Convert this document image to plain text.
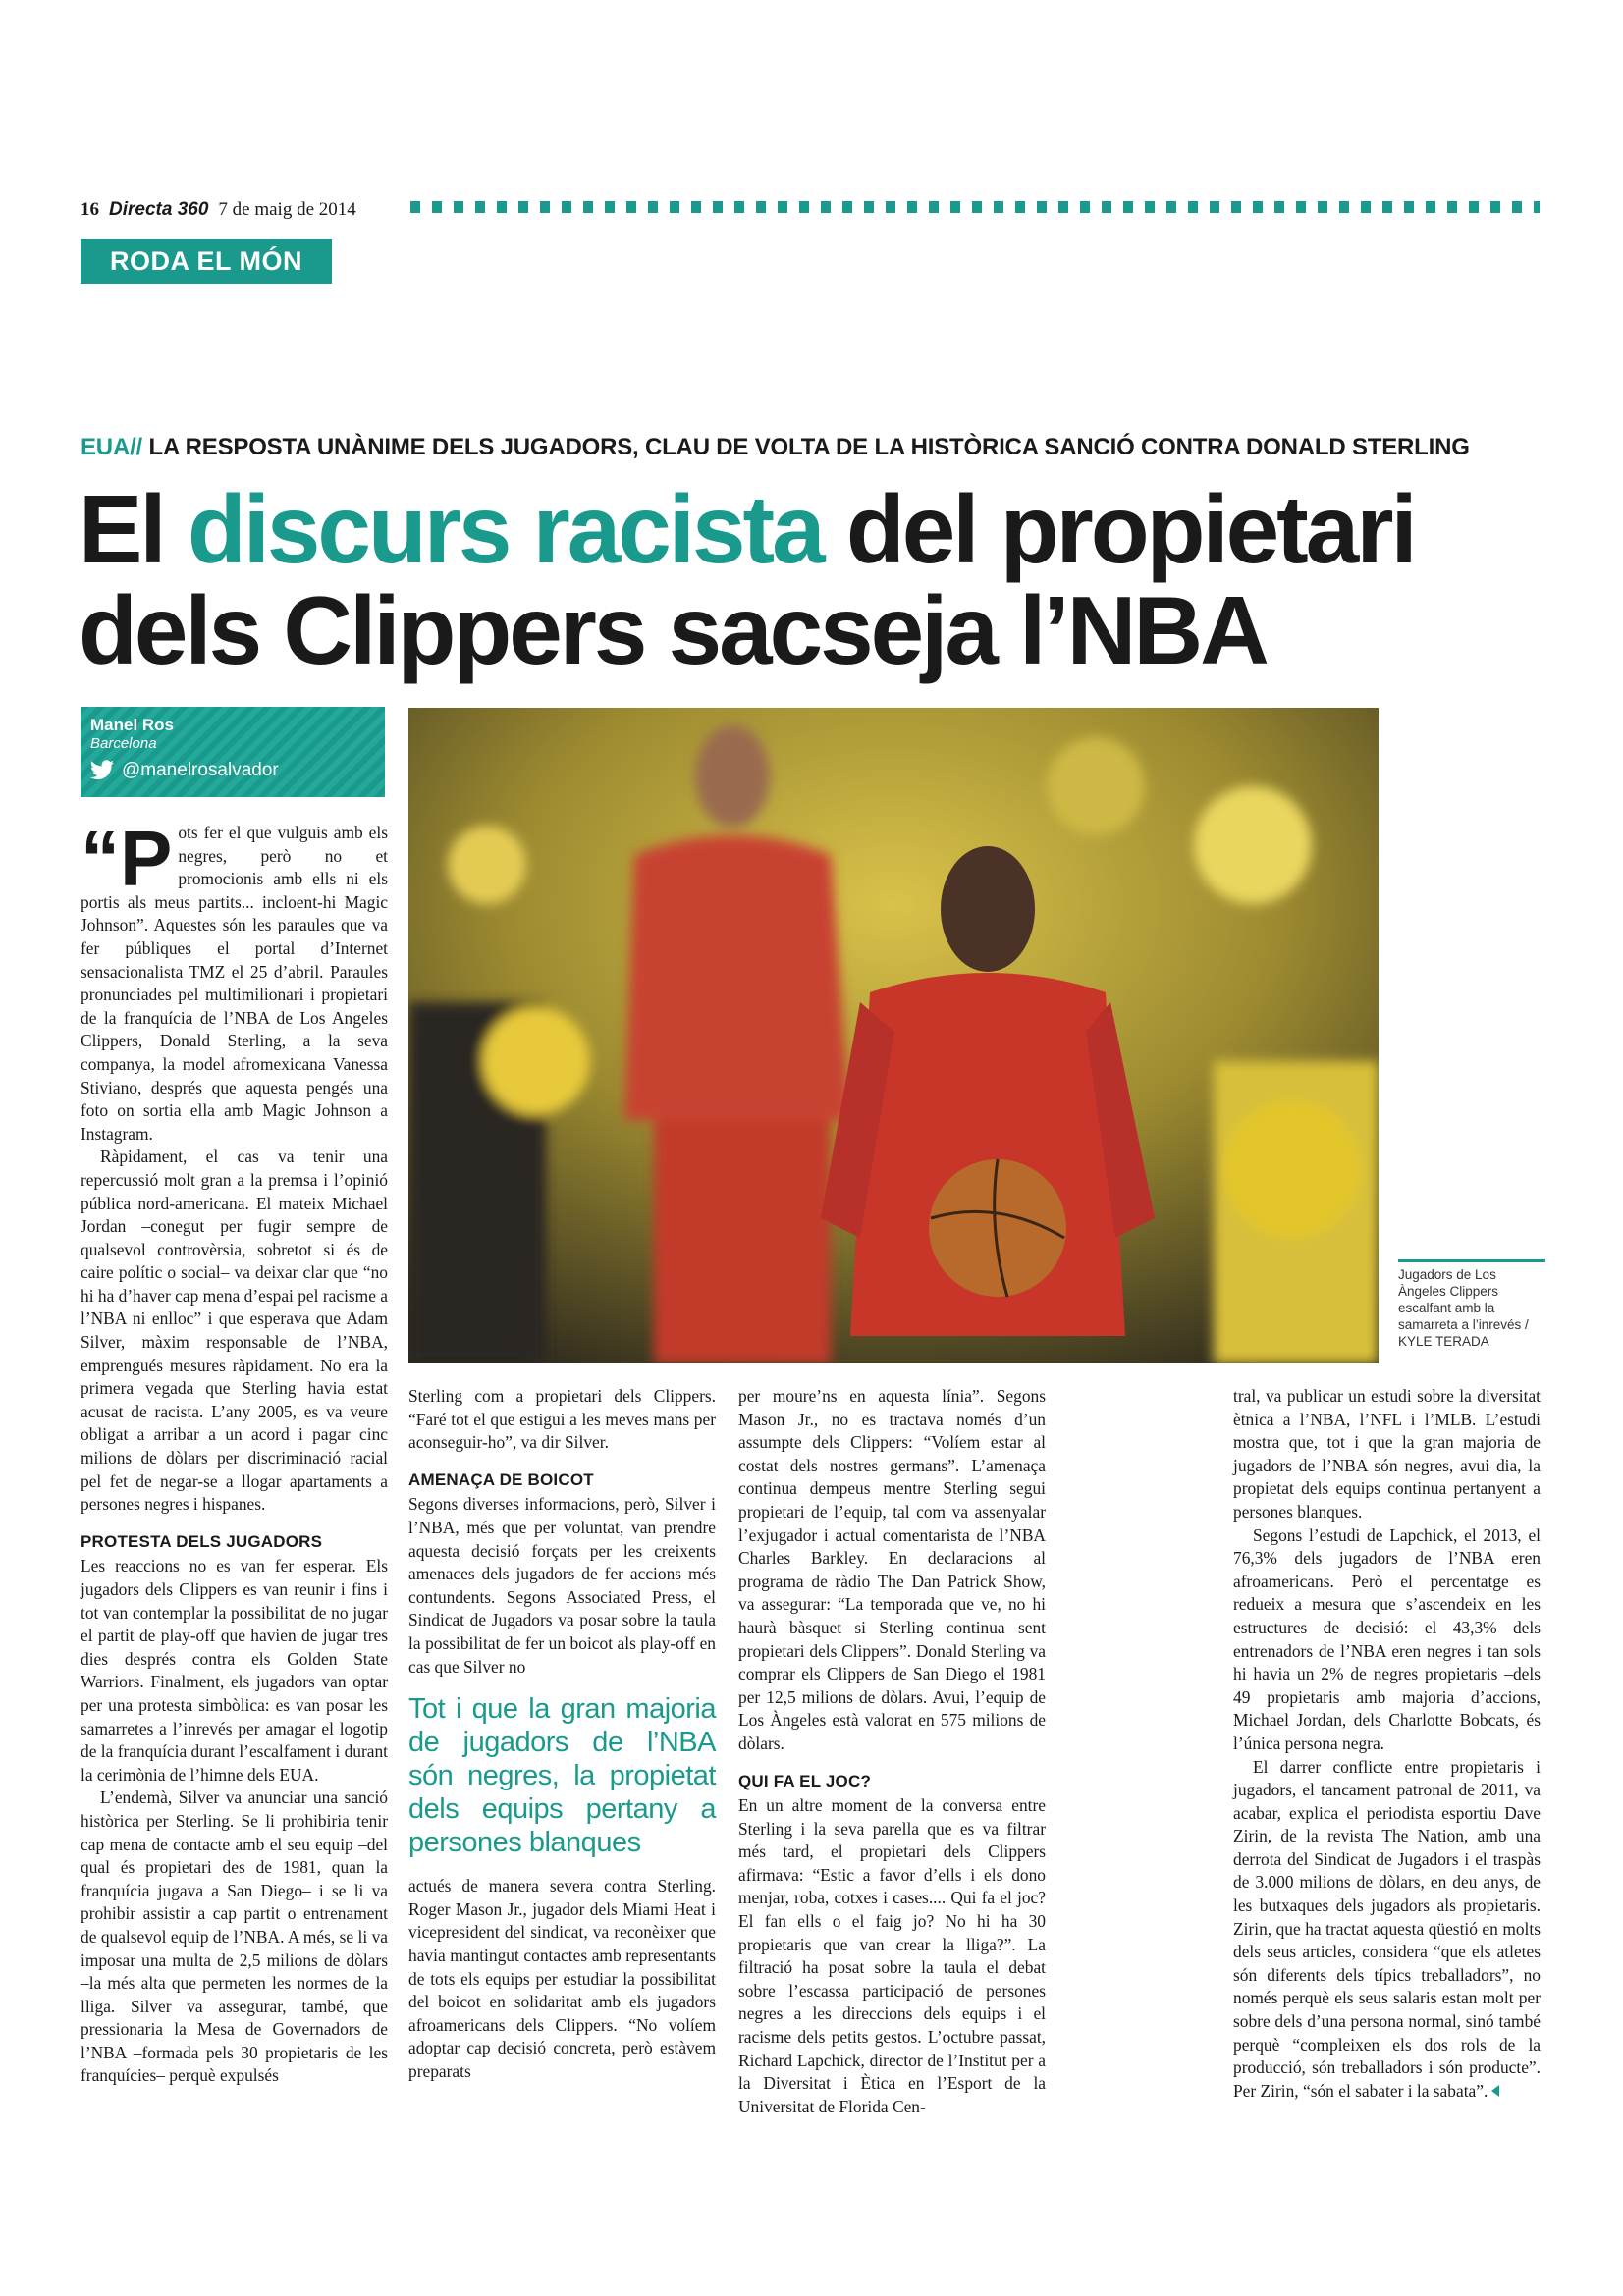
16 Directa 360 7 de maig de 2014
RODA EL MÓN
EUA// LA RESPOSTA UNÀNIME DELS JUGADORS, CLAU DE VOLTA DE LA HISTÒRICA SANCIÓ CONTRA DONALD STERLING
El discurs racista del propietari
dels Clippers sacseja l’NBA
Manel Ros
Barcelona
@manelrosalvador
Jugadors de Los Àngeles Clippers escalfant amb la samarreta a l’inrevés / KYLE TERADA

“P ots fer el que vulguis amb els negres, però no et promocionis amb ells ni els portis als meus partits... incloent-hi Magic Johnson”. Aquestes són les paraules que va fer públiques el portal d’Internet sensacionalista TMZ el 25 d’abril. Paraules pronunciades pel multimilionari i propietari de la franquícia de l’NBA de Los Angeles Clippers, Donald Sterling, a la seva companya, la model afromexicana Vanessa Stiviano, després que aquesta pengés una foto on sortia ella amb Magic Johnson a Instagram.

Ràpidament, el cas va tenir una repercussió molt gran a la premsa i l’opinió pública nord-americana. El mateix Michael Jordan –conegut per fugir sempre de qualsevol controvèrsia, sobretot si és de caire polític o social– va deixar clar que “no hi ha d’haver cap mena d’espai pel racisme a l’NBA ni enlloc” i que esperava que Adam Silver, màxim responsable de l’NBA, emprengués mesures ràpidament. No era la primera vegada que Sterling havia estat acusat de racista. L’any 2005, es va veure obligat a arribar a un acord i pagar cinc milions de dòlars per discriminació racial pel fet de negar-se a llogar apartaments a persones negres i hispanes.

PROTESTA DELS JUGADORS

Les reaccions no es van fer esperar. Els jugadors dels Clippers es van reunir i fins i tot van contemplar la possibilitat de no jugar el partit de play-off que havien de jugar tres dies després contra els Golden State Warriors. Finalment, els jugadors van optar per una protesta simbòlica: es van posar les samarretes a l’inrevés per amagar el logotip de la franquícia durant l’escalfament i durant la cerimònia de l’himne dels EUA.

L’endemà, Silver va anunciar una sanció històrica per Sterling. Se li prohibiria tenir cap mena de contacte amb el seu equip –del qual és propietari des de 1981, quan la franquícia jugava a San Diego– i se li va prohibir assistir a cap partit o entrenament de qualsevol equip de l’NBA. A més, se li va imposar una multa de 2,5 milions de dòlars –la més alta que permeten les normes de la lliga. Silver va assegurar, també, que pressionaria la Mesa de Governadors de l’NBA –formada pels 30 propietaris de les franquícies– perquè expulsés

Sterling com a propietari dels Clippers. “Faré tot el que estigui a les meves mans per aconseguir-ho”, va dir Silver.

AMENAÇA DE BOICOT

Segons diverses informacions, però, Silver i l’NBA, més que per voluntat, van prendre aquesta decisió forçats per les creixents amenaces dels jugadors de fer accions més contundents. Segons Associated Press, el Sindicat de Jugadors va posar sobre la taula la possibilitat de fer un boicot als play-off en cas que Silver no

Tot i que la gran majoria de jugadors de l’NBA són negres, la propietat dels equips pertany a persones blanques

actués de manera severa contra Sterling. Roger Mason Jr., jugador dels Miami Heat i vicepresident del sindicat, va reconèixer que havia mantingut contactes amb representants de tots els equips per estudiar la possibilitat del boicot en solidaritat amb els jugadors afroamericans dels Clippers. “No volíem adoptar cap decisió concreta, però estàvem preparats

per moure’ns en aquesta línia”. Segons Mason Jr., no es tractava només d’un assumpte dels Clippers: “Volíem estar al costat dels nostres germans”. L’amenaça continua dempeus mentre Sterling segui propietari de l’equip, tal com va assenyalar l’exjugador i actual comentarista de l’NBA Charles Barkley. En declaracions al programa de ràdio The Dan Patrick Show, va assegurar: “La temporada que ve, no hi haurà bàsquet si Sterling continua sent propietari dels Clippers”. Donald Sterling va comprar els Clippers de San Diego el 1981 per 12,5 milions de dòlars. Avui, l’equip de Los Àngeles està valorat en 575 milions de dòlars.

QUI FA EL JOC?

En un altre moment de la conversa entre Sterling i la seva parella que es va filtrar més tard, el propietari dels Clippers afirmava: “Estic a favor d’ells i els dono menjar, roba, cotxes i cases.... Qui fa el joc? El fan ells o el faig jo? No hi ha 30 propietaris que van crear la lliga?”. La filtració ha posat sobre la taula el debat sobre l’escassa participació de persones negres a les direccions dels equips i el racisme dels petits gestos. L’octubre passat, Richard Lapchick, director de l’Institut per a la Diversitat i Ètica en l’Esport de la Universitat de Florida Cen-

tral, va publicar un estudi sobre la diversitat ètnica a l’NBA, l’NFL i l’MLB. L’estudi mostra que, tot i que la gran majoria de jugadors de l’NBA són negres, avui dia, la propietat dels equips continua pertanyent a persones blanques.

Segons l’estudi de Lapchick, el 2013, el 76,3% dels jugadors de l’NBA eren afroamericans. Però el percentatge es redueix a mesura que s’ascendeix en les estructures de decisió: el 43,3% dels entrenadors de l’NBA eren negres i tan sols hi havia un 2% de negres propietaris –dels 49 propietaris amb majoria d’accions, Michael Jordan, dels Charlotte Bobcats, és l’única persona negra.

El darrer conflicte entre propietaris i jugadors, el tancament patronal de 2011, va acabar, explica el periodista esportiu Dave Zirin, de la revista The Nation, amb una derrota del Sindicat de Jugadors i el traspàs de 3.000 milions de dòlars, en deu anys, de les butxaques dels jugadors als propietaris. Zirin, que ha tractat aquesta qüestió en molts dels seus articles, considera “que els atletes són diferents dels típics treballadors”, no només perquè els seus salaris estan molt per sobre dels d’una persona normal, sinó també perquè “compleixen els dos rols de la producció, són treballadors i són producte”. Per Zirin, “són el sabater i la sabata”.
